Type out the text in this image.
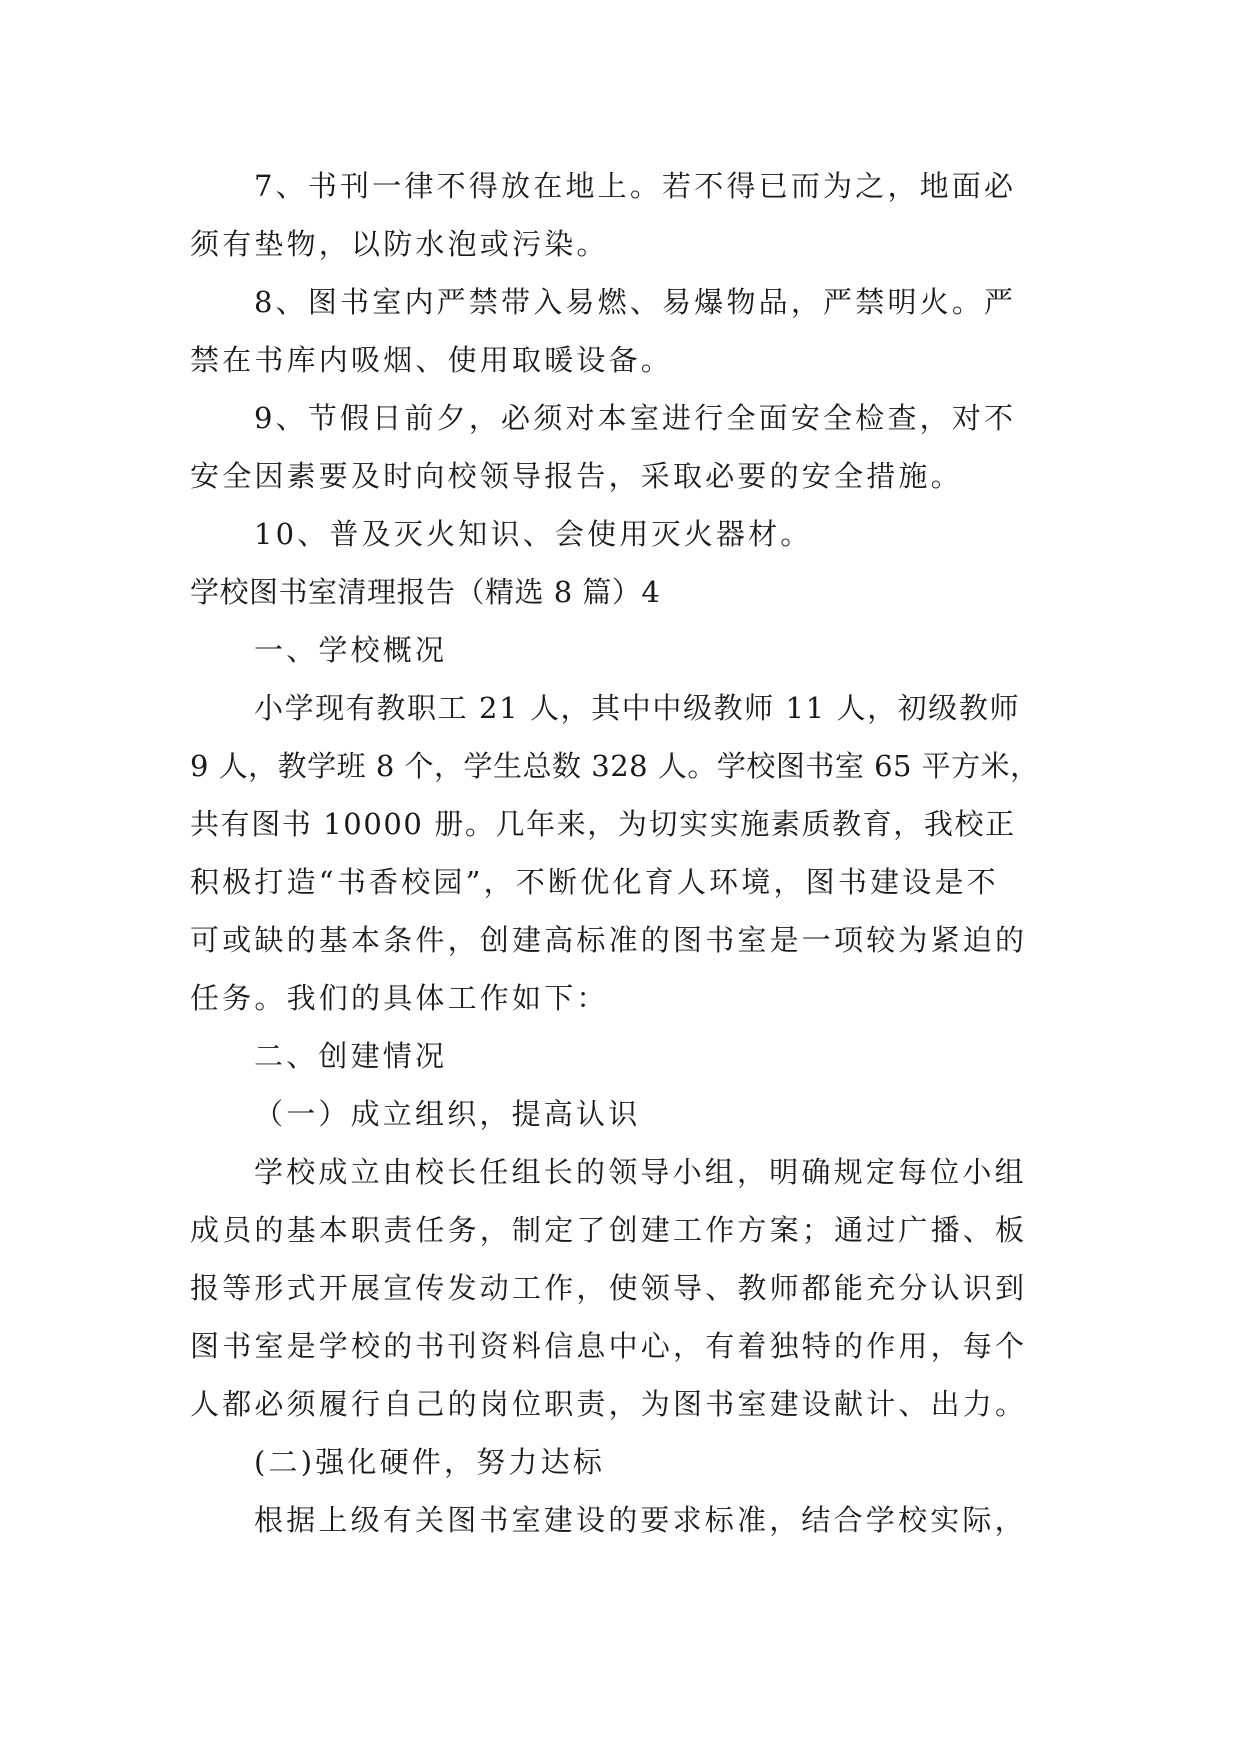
7、书刊一律不得放在地上。若不得已而为之，地面必
须有垫物，以防水泡或污染。
8、图书室内严禁带入易燃、易爆物品，严禁明火。严
禁在书库内吸烟、使用取暖设备。
9、节假日前夕，必须对本室进行全面安全检查，对不
安全因素要及时向校领导报告，采取必要的安全措施。
10、普及灭火知识、会使用灭火器材。
学校图书室清理报告（精选 8 篇）4
一、学校概况
小学现有教职工 21 人，其中中级教师 11 人，初级教师
9 人，教学班 8 个，学生总数 328 人。学校图书室 65 平方米，
共有图书 10000 册。几年来，为切实实施素质教育，我校正
积极打造“书香校园”，不断优化育人环境，图书建设是不
可或缺的基本条件，创建高标准的图书室是一项较为紧迫的
任务。我们的具体工作如下：
二、创建情况
（一）成立组织，提高认识
学校成立由校长任组长的领导小组，明确规定每位小组
成员的基本职责任务，制定了创建工作方案；通过广播、板
报等形式开展宣传发动工作，使领导、教师都能充分认识到
图书室是学校的书刊资料信息中心，有着独特的作用，每个
人都必须履行自己的岗位职责，为图书室建设献计、出力。
(二)强化硬件，努力达标
根据上级有关图书室建设的要求标准，结合学校实际，
